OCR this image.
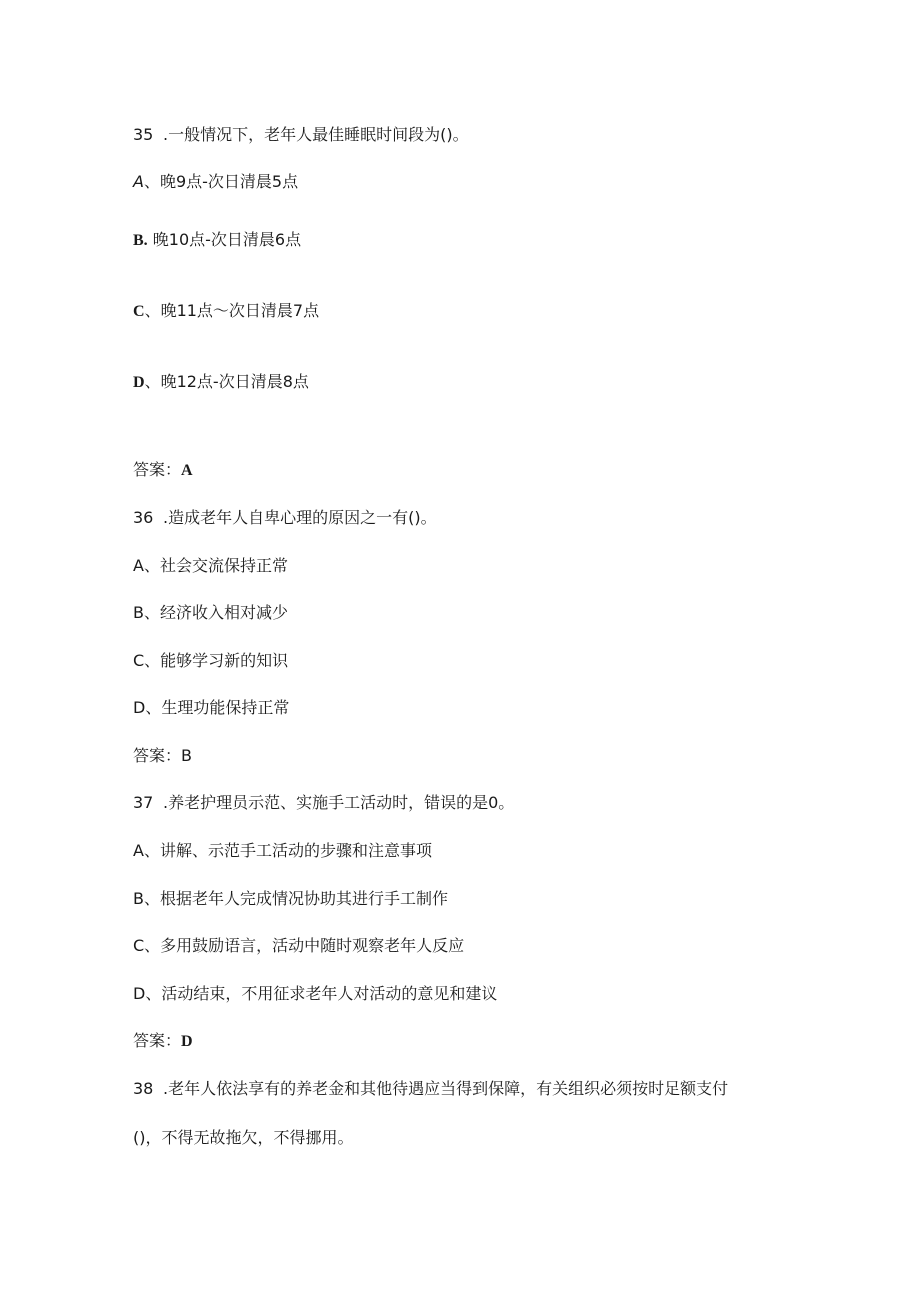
35 .一般情况下，老年人最佳睡眠时间段为()。
A、晚9点-次日清晨5点
B. 晚10点-次日清晨6点
C、晚11点〜次日清晨7点
D、晚12点-次日清晨8点
答案：A
36 .造成老年人自卑心理的原因之一有()。
A、社会交流保持正常
B、经济收入相对减少
C、能够学习新的知识
D、生理功能保持正常
答案：B
37 .养老护理员示范、实施手工活动时，错误的是0。
A、讲解、示范手工活动的步骤和注意事项
B、根据老年人完成情况协助其进行手工制作
C、多用鼓励语言，活动中随时观察老年人反应
D、活动结束，不用征求老年人对活动的意见和建议
答案：D
38 .老年人依法享有的养老金和其他待遇应当得到保障，有关组织必须按时足额支付
()，不得无故拖欠，不得挪用。
